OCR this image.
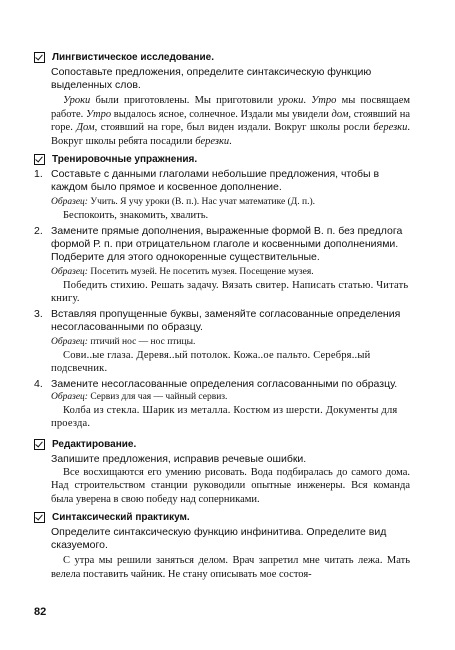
Лингвистическое исследование.
Сопоставьте предложения, определите синтаксическую функцию выделенных слов.
Уроки были приготовлены. Мы приготовили уроки. Утро мы посвящаем работе. Утро выдалось ясное, солнечное. Издали мы увидели дом, стоявший на горе. Дом, стоявший на горе, был виден издали. Вокруг школы росли березки. Вокруг школы ребята посадили березки.
Тренировочные упражнения.
1. Составьте с данными глаголами небольшие предложения, чтобы в каждом было прямое и косвенное дополнение.
Образец: Учить. Я учу уроки (В. п.). Нас учат математике (Д. п.).
Беспокоить, знакомить, хвалить.
2. Замените прямые дополнения, выраженные формой В. п. без предлога формой Р. п. при отрицательном глаголе и косвенными дополнениями. Подберите для этого однокоренные существительные.
Образец: Посетить музей. Не посетить музея. Посещение музея.
Победить стихию. Решать задачу. Вязать свитер. Написать статью. Читать книгу.
3. Вставляя пропущенные буквы, заменяйте согласованные определения несогласованными по образцу.
Образец: птичий нос — нос птицы.
Сови..ые глаза. Деревя..ый потолок. Кожа..ое пальто. Серебря..ый подсвечник.
4. Замените несогласованные определения согласованными по образцу.
Образец: Сервиз для чая — чайный сервиз.
Колба из стекла. Шарик из металла. Костюм из шерсти. Документы для проезда.
Редактирование.
Запишите предложения, исправив речевые ошибки.
Все восхищаются его умению рисовать. Вода подбиралась до самого дома. Над строительством станции руководили опытные инженеры. Вся команда была уверена в свою победу над соперниками.
Синтаксический практикум.
Определите синтаксическую функцию инфинитива. Определите вид сказуемого.
С утра мы решили заняться делом. Врач запретил мне читать лежа. Мать велела поставить чайник. Не стану описывать мое состоя-
82
